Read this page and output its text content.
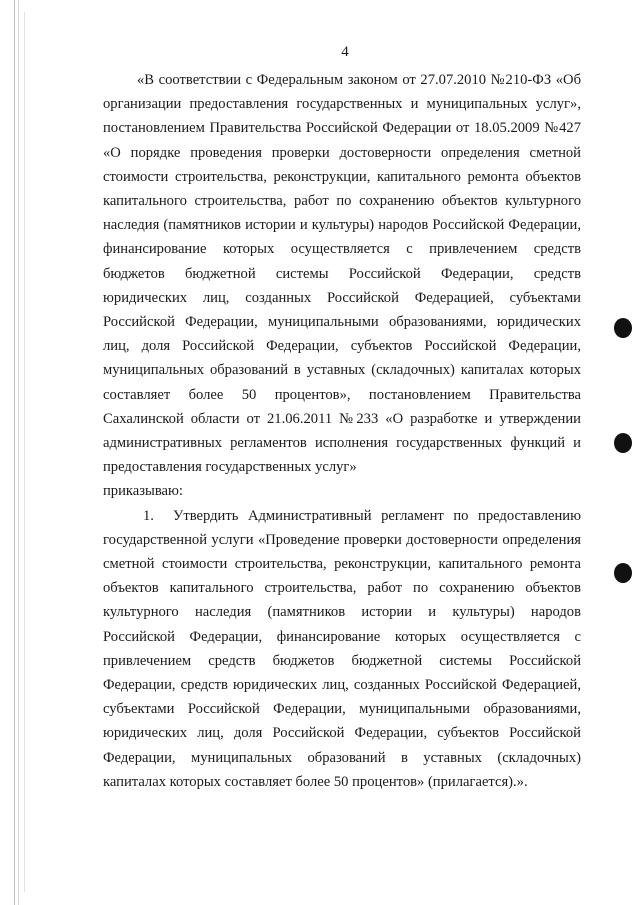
4

«В соответствии с Федеральным законом от 27.07.2010 №210-ФЗ «Об организации предоставления государственных и муниципальных услуг», постановлением Правительства Российской Федерации от 18.05.2009 №427 «О порядке проведения проверки достоверности определения сметной стоимости строительства, реконструкции, капитального ремонта объектов капитального строительства, работ по сохранению объектов культурного наследия (памятников истории и культуры) народов Российской Федерации, финансирование которых осуществляется с привлечением средств бюджетов бюджетной системы Российской Федерации, средств юридических лиц, созданных Российской Федерацией, субъектами Российской Федерации, муниципальными образованиями, юридических лиц, доля Российской Федерации, субъектов Российской Федерации, муниципальных образований в уставных (складочных) капиталах которых составляет более 50 процентов», постановлением Правительства Сахалинской области от 21.06.2011 №233 «О разработке и утверждении административных регламентов исполнения государственных функций и предоставления государственных услуг»

приказываю:

1. Утвердить Административный регламент по предоставлению государственной услуги «Проведение проверки достоверности определения сметной стоимости строительства, реконструкции, капитального ремонта объектов капитального строительства, работ по сохранению объектов культурного наследия (памятников истории и культуры) народов Российской Федерации, финансирование которых осуществляется с привлечением средств бюджетов бюджетной системы Российской Федерации, средств юридических лиц, созданных Российской Федерацией, субъектами Российской Федерации, муниципальными образованиями, юридических лиц, доля Российской Федерации, субъектов Российской Федерации, муниципальных образований в уставных (складочных) капиталах которых составляет более 50 процентов» (прилагается).».
